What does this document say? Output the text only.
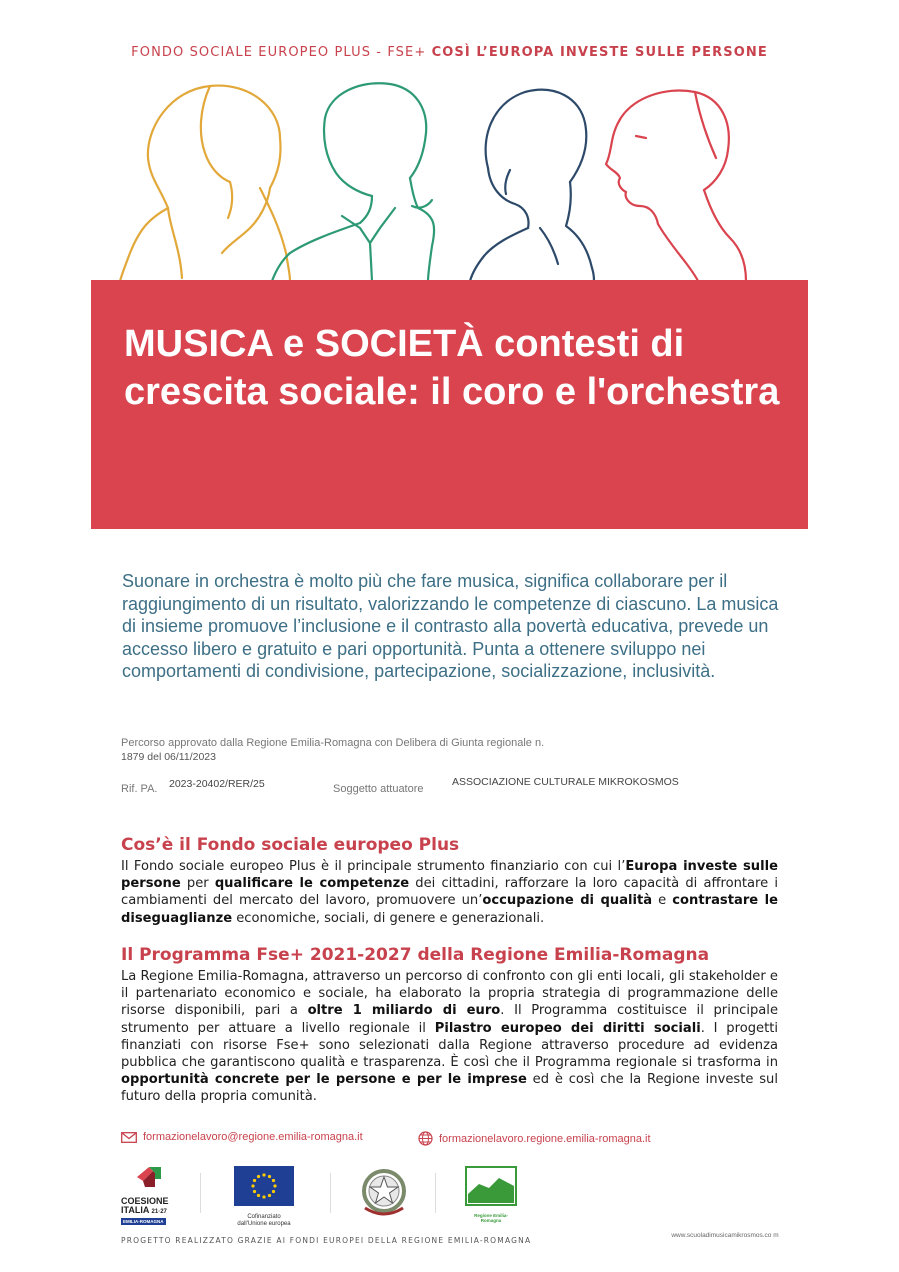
FONDO SOCIALE EUROPEO PLUS - FSE+ COSÌ L’EUROPA INVESTE SULLE PERSONE
MUSICA e SOCIETÀ contesti di crescita sociale: il coro e l'orchestra

Suonare in orchestra è molto più che fare musica, significa collaborare per il raggiungimento di un risultato, valorizzando le competenze di ciascuno. La musica di insieme promuove l’inclusione e il contrasto alla povertà educativa, prevede un accesso libero e gratuito e pari opportunità. Punta a ottenere sviluppo nei comportamenti di condivisione, partecipazione, socializzazione, inclusività.

Percorso approvato dalla Regione Emilia-Romagna con Delibera di Giunta regionale n.
1879 del 06/11/2023
Rif. PA. 2023-20402/RER/25	Soggetto attuatore
ASSOCIAZIONE CULTURALE MIKROKOSMOS
Cos’è il Fondo sociale europeo Plus

Il Fondo sociale europeo Plus è il principale strumento finanziario con cui l’Europa investe sulle persone per qualificare le competenze dei cittadini, rafforzare la loro capacità di affrontare i cambiamenti del mercato del lavoro, promuovere un’occupazione di qualità e contrastare le diseguaglianze economiche, sociali, di genere e generazionali.

Il Programma Fse+ 2021-2027 della Regione Emilia-Romagna

La Regione Emilia-Romagna, attraverso un percorso di confronto con gli enti locali, gli stakeholder e il partenariato economico e sociale, ha elaborato la propria strategia di programmazione delle risorse disponibili, pari a oltre 1 miliardo di euro. Il Programma costituisce il principale strumento per attuare a livello regionale il Pilastro europeo dei diritti sociali. I progetti finanziati con risorse Fse+ sono selezionati dalla Regione attraverso procedure ad evidenza pubblica che garantiscono qualità e trasparenza. È così che il Programma regionale si trasforma in opportunità concrete per le persone e per le imprese ed è così che la Regione investe sul futuro della propria comunità.

formazionelavoro@regione.emilia-romagna.it	formazionelavoro.regione.emilia-romagna.it
COESIONE
ITALIA 21·27
EMILIA-ROMAGNA
Cofinanziato
dall'Unione europea
Regione Emilia-Romagna
PROGETTO REALIZZATO GRAZIE AI FONDI EUROPEI DELLA REGIONE EMILIA-ROMAGNA
www.scuoladimusicamikrosmos.co m
